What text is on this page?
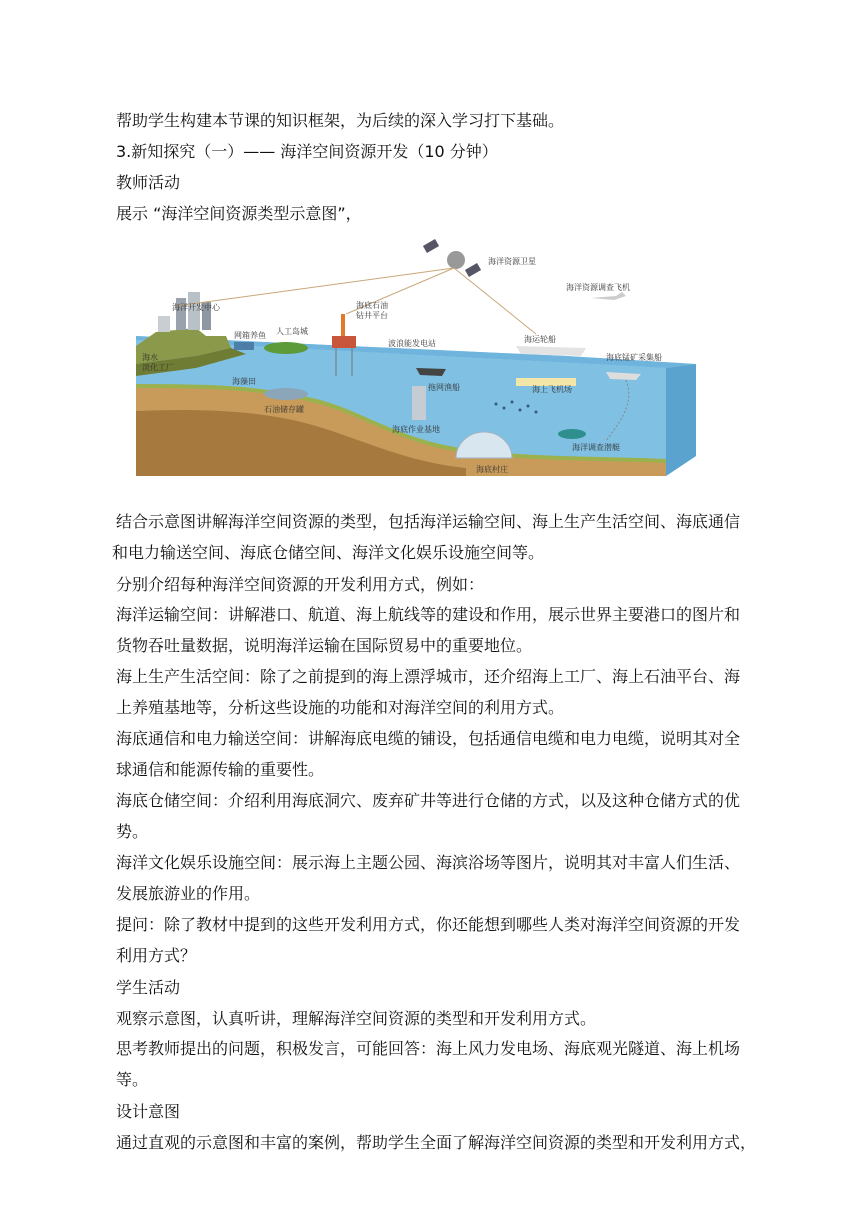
帮助学生构建本节课的知识框架，为后续的深入学习打下基础。
3.新知探究（一）—— 海洋空间资源开发（10 分钟）
教师活动
展示 “海洋空间资源类型示意图”，
海洋资源卫星
海洋资源调查飞机
海洋开发中心	海底石油
钻井平台
人工岛城
网箱养鱼
波浪能发电站	海运轮船
海底锰矿采集船
海水
淡化工厂
海藻田
石油储存罐
拖网渔船	海上飞机场
海底作业基地
海洋调查潜艇
海底村庄
结合示意图讲解海洋空间资源的类型，包括海洋运输空间、海上生产生活空间、海底通信
和电力输送空间、海底仓储空间、海洋文化娱乐设施空间等。
分别介绍每种海洋空间资源的开发利用方式，例如：
海洋运输空间：讲解港口、航道、海上航线等的建设和作用，展示世界主要港口的图片和
货物吞吐量数据，说明海洋运输在国际贸易中的重要地位。
海上生产生活空间：除了之前提到的海上漂浮城市，还介绍海上工厂、海上石油平台、海
上养殖基地等，分析这些设施的功能和对海洋空间的利用方式。
海底通信和电力输送空间：讲解海底电缆的铺设，包括通信电缆和电力电缆，说明其对全
球通信和能源传输的重要性。
海底仓储空间：介绍利用海底洞穴、废弃矿井等进行仓储的方式，以及这种仓储方式的优
势。
海洋文化娱乐设施空间：展示海上主题公园、海滨浴场等图片，说明其对丰富人们生活、
发展旅游业的作用。
提问：除了教材中提到的这些开发利用方式，你还能想到哪些人类对海洋空间资源的开发
利用方式？
学生活动
观察示意图，认真听讲，理解海洋空间资源的类型和开发利用方式。
思考教师提出的问题，积极发言，可能回答：海上风力发电场、海底观光隧道、海上机场
等。
设计意图
通过直观的示意图和丰富的案例，帮助学生全面了解海洋空间资源的类型和开发利用方式，
